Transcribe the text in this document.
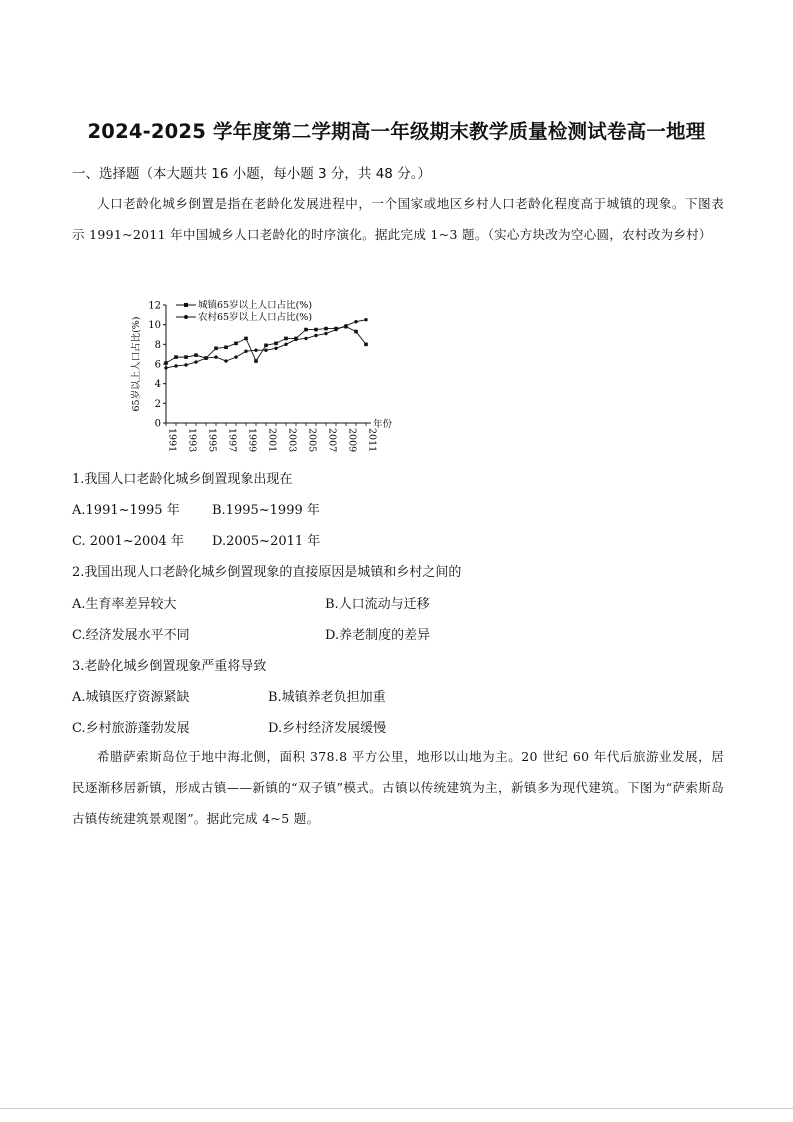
2024-2025 学年度第二学期高一年级期末教学质量检测试卷高一地理
一、选择题（本大题共 16 小题，每小题 3 分，共 48 分。）
人口老龄化城乡倒置是指在老龄化发展进程中，一个国家或地区乡村人口老龄化程度高于城镇的现象。下图表示 1991~2011 年中国城乡人口老龄化的时序演化。据此完成 1~3 题。（实心方块改为空心圆，农村改为乡村）
0
2
4
6
8
10
12
1991 1993 1995 1997 1999 2001 2003 2005 2007 2009 2011
65岁以上人口占比(%)
年份
城镇65岁以上人口占比(%)
农村65岁以上人口占比(%)
1.我国人口老龄化城乡倒置现象出现在
A.1991~1995 年 B.1995~1999 年
C. 2001~2004 年 D.2005~2011 年
2.我国出现人口老龄化城乡倒置现象的直接原因是城镇和乡村之间的
A.生育率差异较大	B.人口流动与迁移
C.经济发展水平不同	D.养老制度的差异
3.老龄化城乡倒置现象严重将导致
A.城镇医疗资源紧缺	B.城镇养老负担加重
C.乡村旅游蓬勃发展	D.乡村经济发展缓慢
希腊萨索斯岛位于地中海北侧，面积 378.8 平方公里，地形以山地为主。20 世纪 60 年代后旅游业发展，居民逐渐移居新镇，形成古镇——新镇的“双子镇”模式。古镇以传统建筑为主，新镇多为现代建筑。下图为“萨索斯岛古镇传统建筑景观图”。据此完成 4~5 题。
